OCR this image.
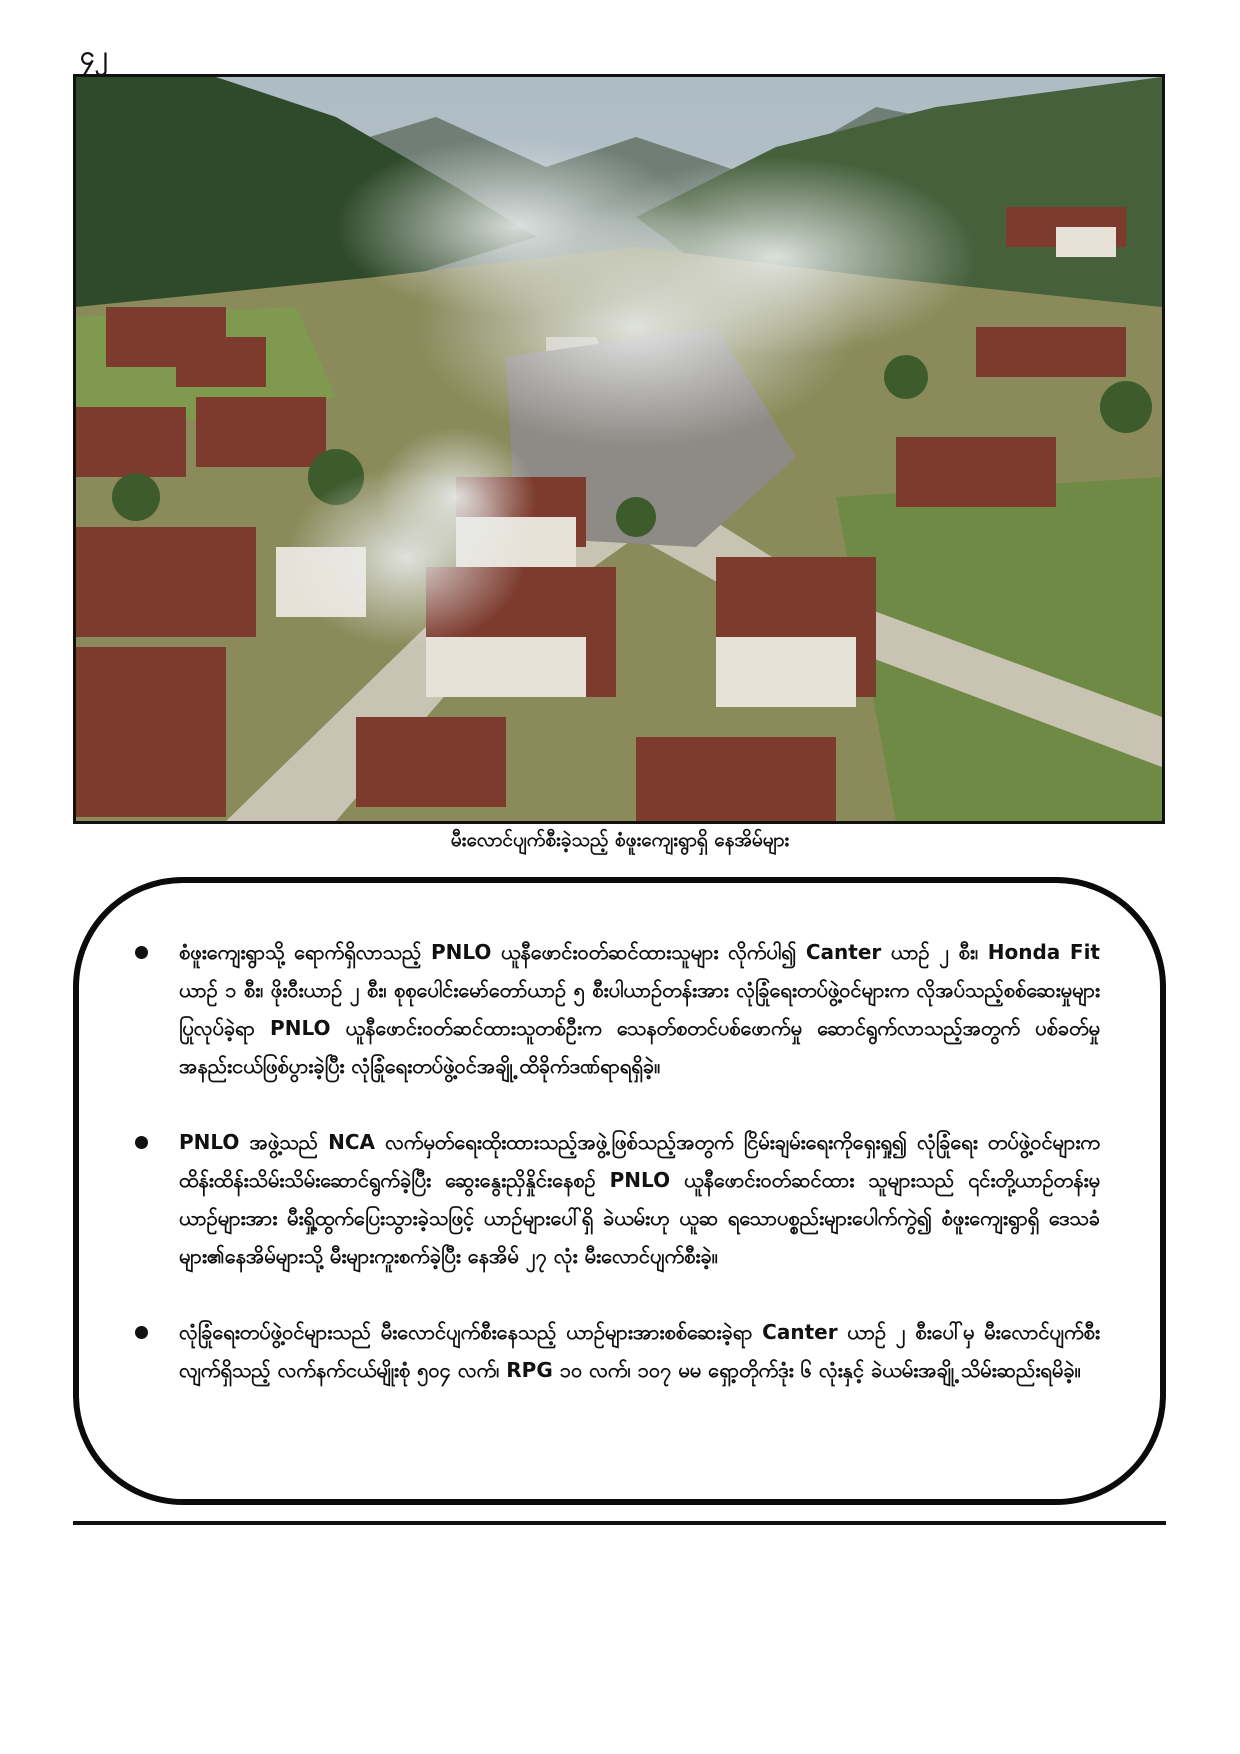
၄၂
မီးလောင်ပျက်စီးခဲ့သည့် စံဖူးကျေးရွာရှိ နေအိမ်များ
စံဖူးကျေးရွာသို့ ရောက်ရှိလာသည့် PNLO ယူနီဖောင်းဝတ်ဆင်ထားသူများ လိုက်ပါ၍ Canter ယာဉ် ၂ စီး၊ Honda Fit ယာဉ် ၁ စီး၊ ဖိုးဝီးယာဉ် ၂ စီး၊ စုစုပေါင်းမော်တော်ယာဉ် ၅ စီးပါယာဉ်တန်းအား လုံခြုံရေးတပ်ဖွဲ့ဝင်များက လိုအပ်သည့်စစ်ဆေးမှုများပြုလုပ်ခဲ့ရာ PNLO ယူနီဖောင်းဝတ်ဆင်ထားသူတစ်ဦးက သေနတ်စတင်ပစ်ဖောက်မှု ဆောင်ရွက်လာသည့်အတွက် ပစ်ခတ်မှုအနည်းငယ်ဖြစ်ပွားခဲ့ပြီး လုံခြုံရေးတပ်ဖွဲ့ဝင်အချို့ ထိခိုက်ဒဏ်ရာရရှိခဲ့။
PNLO အဖွဲ့သည် NCA လက်မှတ်ရေးထိုးထားသည့်အဖွဲ့ဖြစ်သည့်အတွက် ငြိမ်းချမ်းရေးကိုရှေးရှု၍ လုံခြုံရေး တပ်ဖွဲ့ဝင်များက ထိန်းထိန်းသိမ်းသိမ်းဆောင်ရွက်ခဲ့ပြီး ဆွေးနွေးညှိနှိုင်းနေစဉ် PNLO ယူနီဖောင်းဝတ်ဆင်ထား သူများသည် ၎င်းတို့ယာဉ်တန်းမှ ယာဉ်များအား မီးရှို့ထွက်ပြေးသွားခဲ့သဖြင့် ယာဉ်များပေါ်ရှိ ခဲယမ်းဟု ယူဆ ရသောပစ္စည်းများပေါက်ကွဲ၍ စံဖူးကျေးရွာရှိ ဒေသခံများ၏နေအိမ်များသို့ မီးများကူးစက်ခဲ့ပြီး နေအိမ် ၂၇ လုံး မီးလောင်ပျက်စီးခဲ့။
လုံခြုံရေးတပ်ဖွဲ့ဝင်များသည် မီးလောင်ပျက်စီးနေသည့် ယာဉ်များအားစစ်ဆေးခဲ့ရာ Canter ယာဉ် ၂ စီးပေါ်မှ မီးလောင်ပျက်စီးလျက်ရှိသည့် လက်နက်ငယ်မျိုးစုံ ၅၀၄ လက်၊ RPG ၁၀ လက်၊ ၁၀၇ မမ ရှော့တိုက်ဒုံး ၆ လုံးနှင့် ခဲယမ်းအချို့ သိမ်းဆည်းရမိခဲ့။
